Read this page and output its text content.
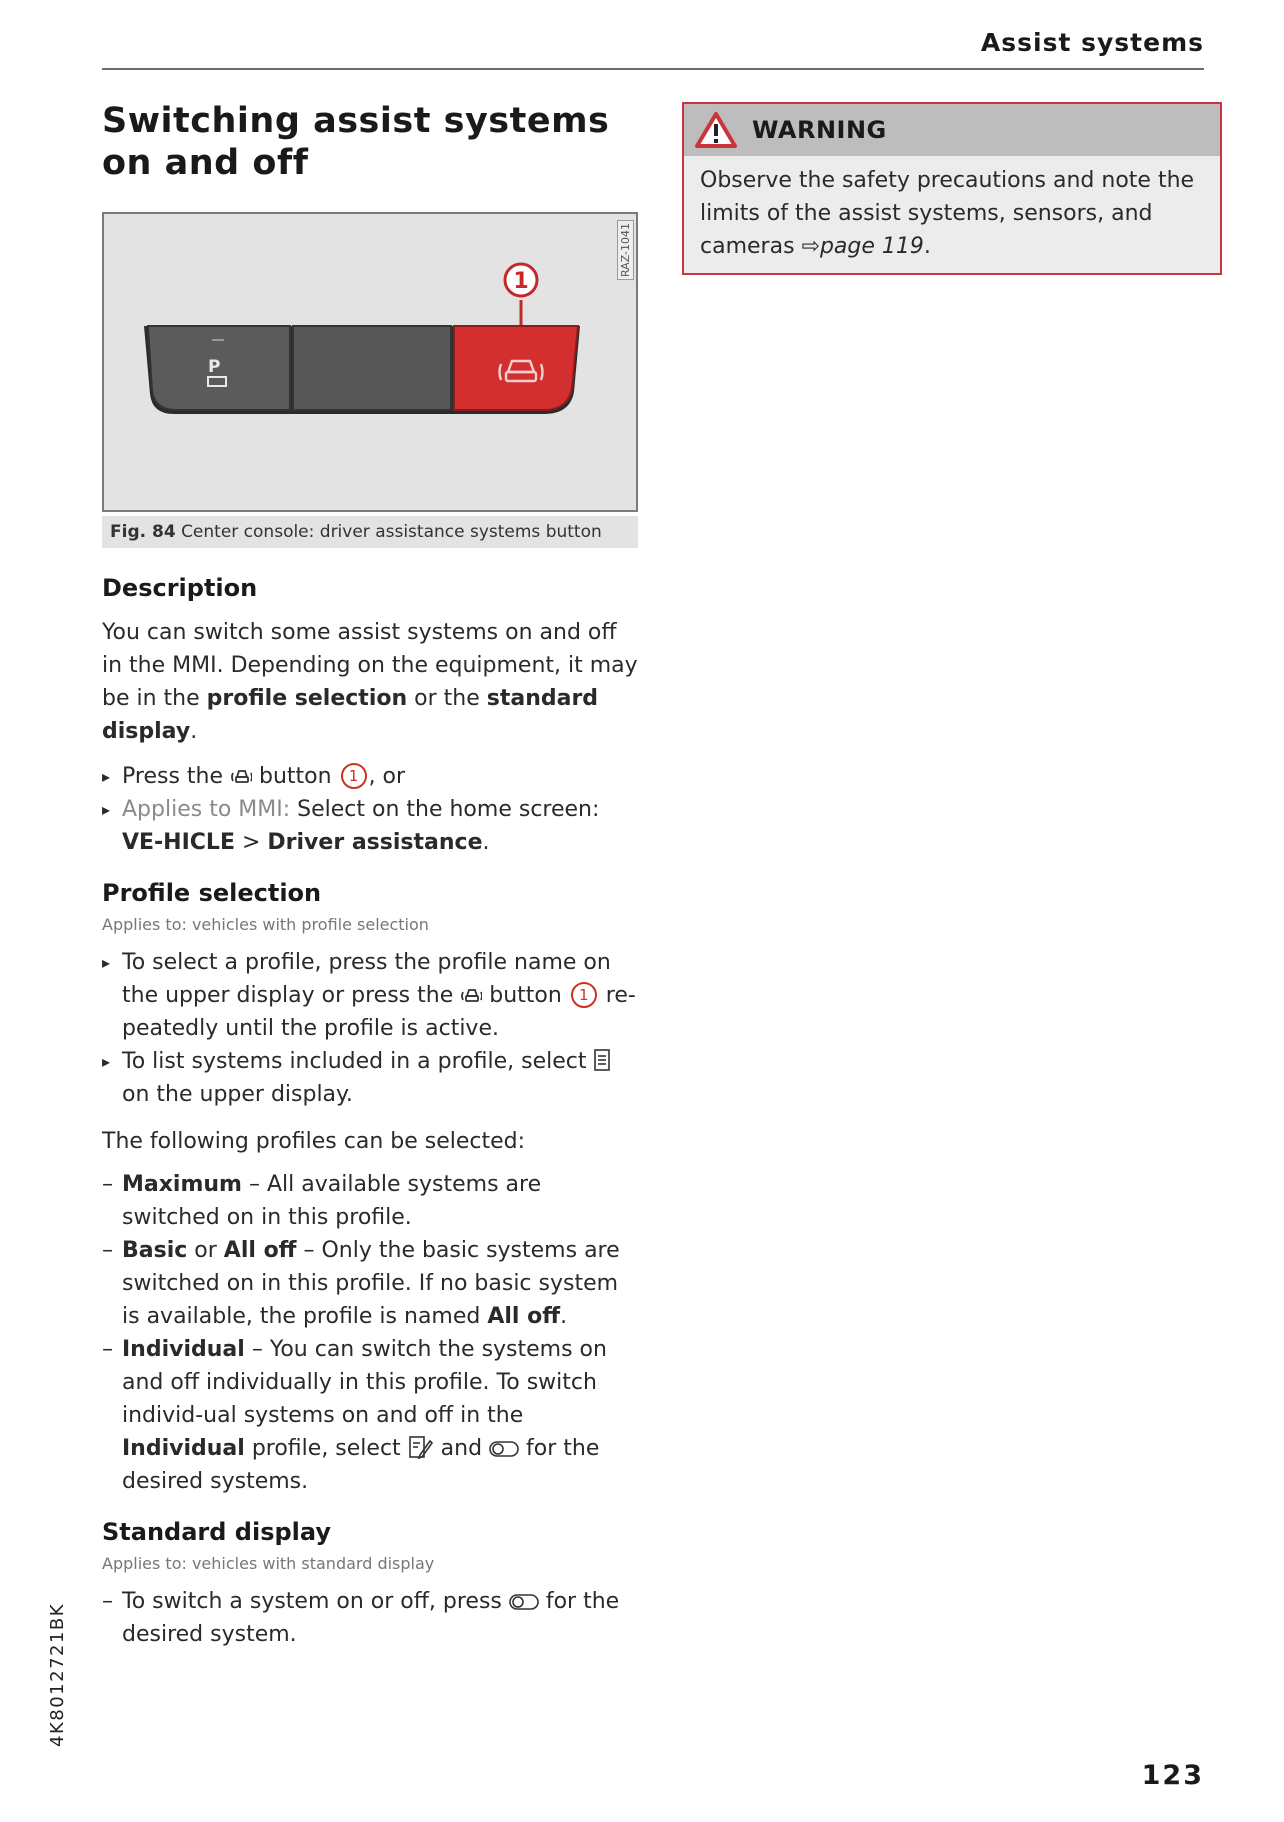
Assist systems
Switching assist systems
on and off
RAZ-1041
P
1
Fig. 84 Center console: driver assistance systems button
Description

You can switch some assist systems on and off in the MMI. Depending on the equipment, it may be in the profile selection or the standard display.

▸ Press the  button 1 , or
▸ Applies to MMI: Select on the home screen: VE-HICLE > Driver assistance.
Profile selection
Applies to: vehicles with profile selection
▸ To select a profile, press the profile name on the upper display or press the  button 1 re-peatedly until the profile is active.
▸ To list systems included in a profile, select  on the upper display.

The following profiles can be selected:

– Maximum – All available systems are switched on in this profile.
– Basic or All off – Only the basic systems are switched on in this profile. If no basic system is available, the profile is named All off.
– Individual – You can switch the systems on and off individually in this profile. To switch individ-ual systems on and off in the Individual profile, select  and  for the desired systems.
Standard display
Applies to: vehicles with standard display
– To switch a system on or off, press  for the desired system.
WARNING
Observe the safety precautions and note the limits of the assist systems, sensors, and cameras ⇨page 119.
4K8012721BK
123
